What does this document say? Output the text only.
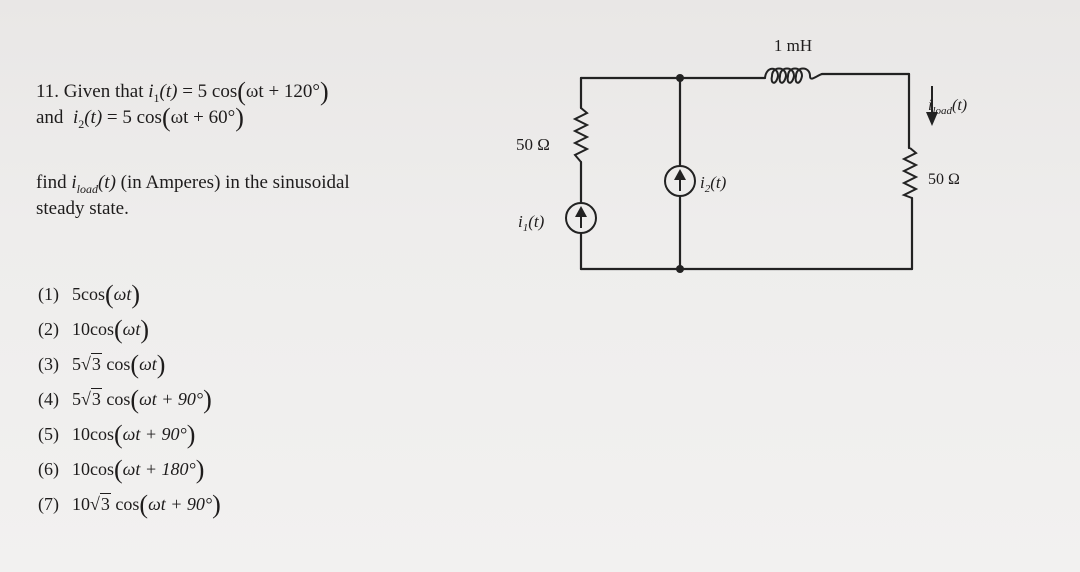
11. Given that $i_1(t) = 5$ cos(ωt + 120°)
and $i_2(t) = 5$ cos(ωt + 60°)
find $i_{load}(t)$ (in Amperes) in the sinusoidal
steady state.
(1) 5cos(ωt)
(2) 10cos(ωt)
(3) 5√3 cos(ωt)
(4) 5√3 cos(ωt + 90°)
(5) 10cos(ωt + 90°)
(6) 10cos(ωt + 180°)
(7) 10√3 cos(ωt + 90°)
1 mH
50 Ω
50 Ω
$i_1(t)$
$i_2(t)$
$i_{load}(t)$
